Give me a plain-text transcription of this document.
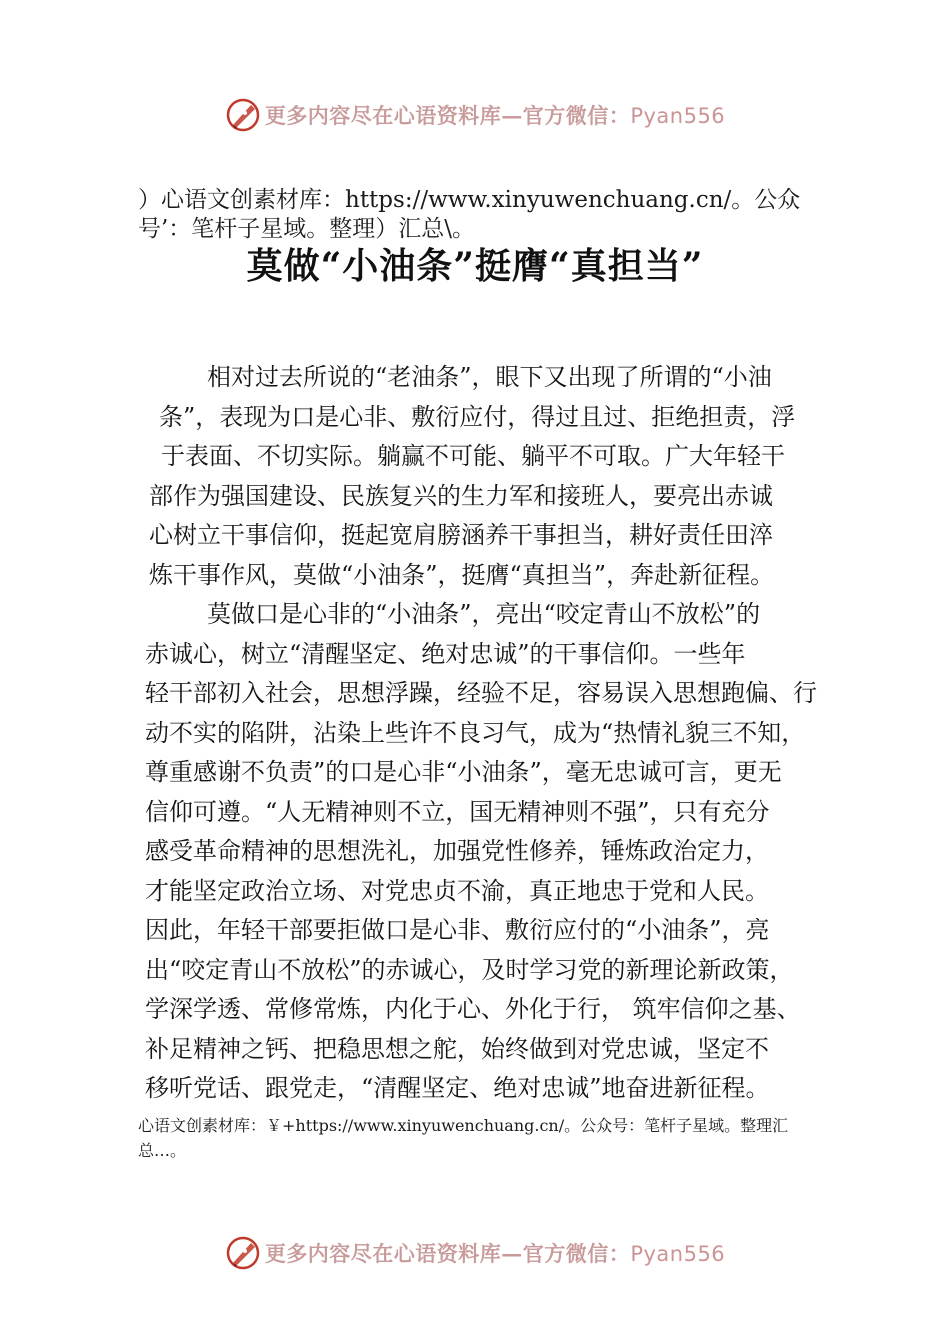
更多内容尽在心语资料库—官方微信：Pyan556
）心语文创素材库：https://www.xinyuwenchuang.cn/。公众
号’：笔杆子星域。整理）汇总\。
莫做“小油条”挺膺“真担当”
相对过去所说的“老油条”，眼下又出现了所谓的“小油
条”，表现为口是心非、敷衍应付，得过且过、拒绝担责，浮
于表面、不切实际。躺赢不可能、躺平不可取。广大年轻干
部作为强国建设、民族复兴的生力军和接班人，要亮出赤诚
心树立干事信仰，挺起宽肩膀涵养干事担当，耕好责任田淬
炼干事作风，莫做“小油条”，挺膺“真担当”，奔赴新征程。
莫做口是心非的“小油条”，亮出“咬定青山不放松”的
赤诚心，树立“清醒坚定、绝对忠诚”的干事信仰。一些年
轻干部初入社会，思想浮躁，经验不足，容易误入思想跑偏、行
动不实的陷阱，沾染上些许不良习气，成为“热情礼貌三不知，
尊重感谢不负责”的口是心非“小油条”，毫无忠诚可言，更无
信仰可遵。“人无精神则不立，国无精神则不强”，只有充分
感受革命精神的思想洗礼，加强党性修养，锤炼政治定力，
才能坚定政治立场、对党忠贞不渝，真正地忠于党和人民。
因此，年轻干部要拒做口是心非、敷衍应付的“小油条”，亮
出“咬定青山不放松”的赤诚心，及时学习党的新理论新政策，
学深学透、常修常炼，内化于心、外化于行， 筑牢信仰之基、
补足精神之钙、把稳思想之舵，始终做到对党忠诚，坚定不
移听党话、跟党走，“清醒坚定、绝对忠诚”地奋进新征程。
心语文创素材库：￥+https://www.xinyuwenchuang.cn/。公众号：笔杆子星域。整理汇
总…。
更多内容尽在心语资料库—官方微信：Pyan556
